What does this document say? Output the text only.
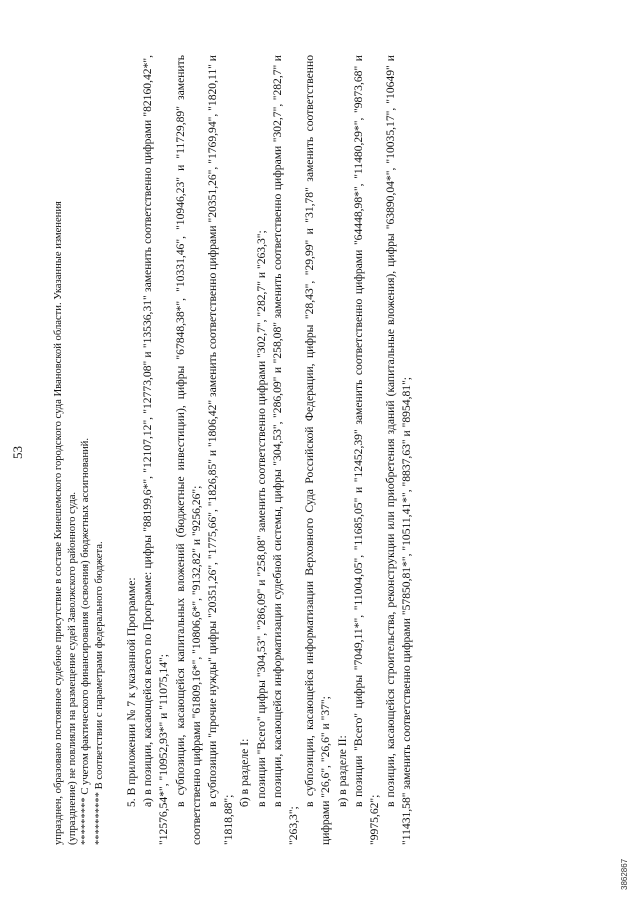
53	упразднен, образовано постоянное судебное присутствие в составе Кинешемского городского суда Ивановской области. Указанные изменения (упразднение) не повлияли на размещение судей Заволжского районного суда. ********* С учетом фактического финансирования (освоения) бюджетных ассигнований. ********** В соответствии с параметрами федерального бюджета. 5. В приложении № 7 к указанной Программе: а) в позиции, касающейся всего по Программе: цифры "88199,6*", "12107,12", "12773,08" и "13536,31" заменить соответственно цифрами "82160,42*", "12576,54*", "10952,93*" и "11075,14"; в субпозиции, касающейся капитальных вложений (бюджетные инвестиции), цифры "67848,38*", "10331,46", "10946,23" и "11729,89" заменить соответственно цифрами "61809,16*", "10806,6*", "9132,82" и "9256,26"; в субпозиции "прочие нужды" цифры "20351,26", "1775,66", "1826,85" и "1806,42" заменить соответственно цифрами "20351,26", "1769,94", "1820,11" и "1818,88";

б) в разделе I: в позиции "Всего" цифры "304,53", "286,09" и "258,08" заменить соответственно цифрами "302,7", "282,7" и "263,3"; в позиции, касающейся информатизации судебной системы, цифры "304,53", "286,09" и "258,08" заменить соответственно цифрами "302,7", "282,7" и "263,3";

в субпозиции, касающейся информатизации Верховного Суда Российской Федерации, цифры "28,43", "29,99" и "31,78" заменить соответственно цифрами "26,6", "26,6" и "37"; в) в разделе II: в позиции "Всего" цифры "7049,11*", "11004,05", "11685,05" и "12452,39" заменить соответственно цифрами "64448,98*", "11480,29*", "9873,68" и "9975,62";

в позиции, касающейся строительства, реконструкции или приобретения зданий (капитальные вложения), цифры "63890,04*", "10035,17", "10649" и "11431,58" заменить соответственно цифрами "57850,81*", "10511,41*", "8837,63" и "8954,81";

3862867
